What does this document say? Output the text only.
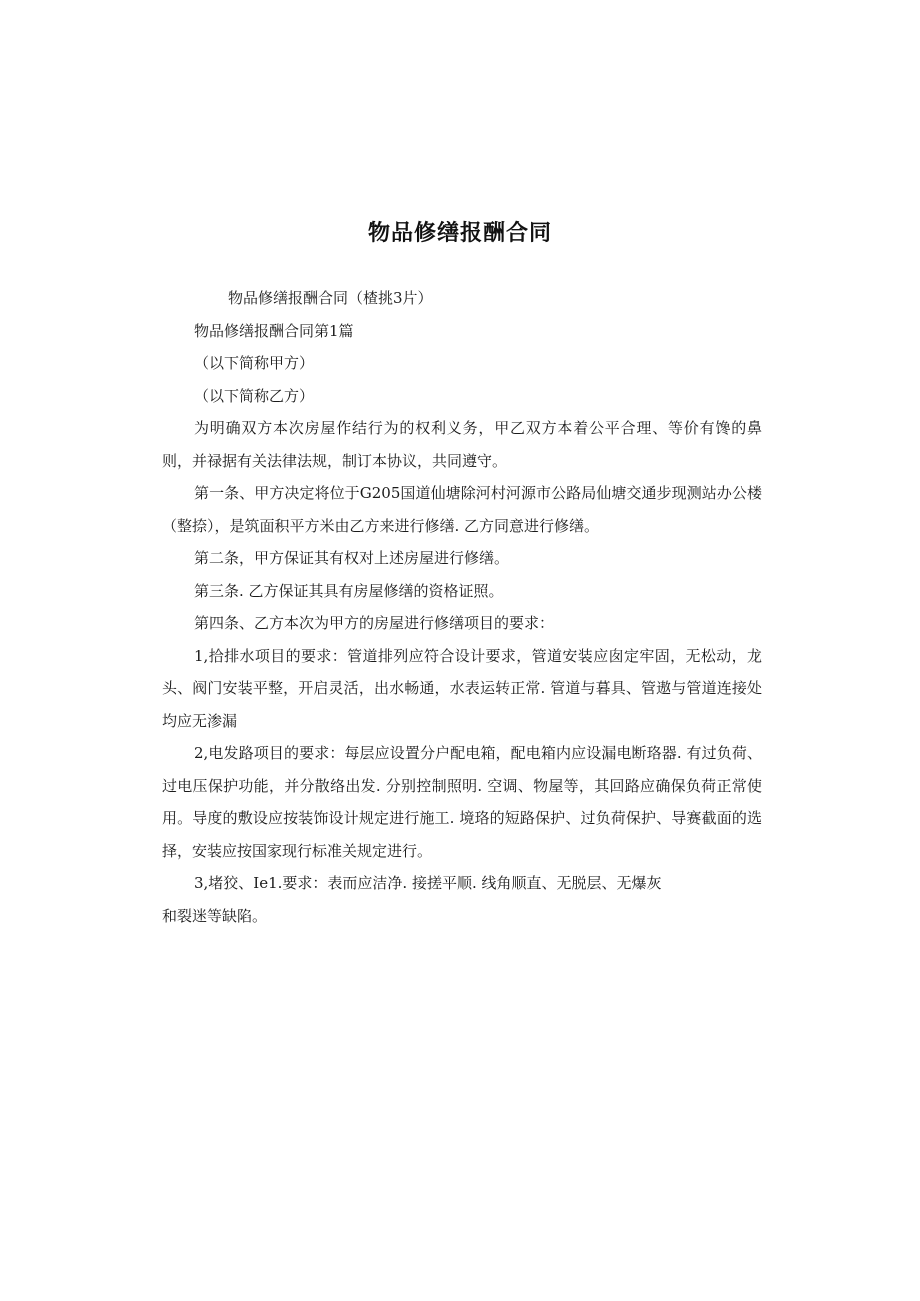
物品修缮报酬合同

物品修缮报酬合同（楂挑3片）

物品修缮报酬合同第1篇

（以下简称甲方）

（以下简称乙方）

为明确双方本次房屋作结行为的权利义务，甲乙双方本着公平合理、等价有馋的鼻则，并禄据有关法律法规，制订本协议，共同遵守。

第一条、甲方决定将位于G205国道仙塘除河村河源市公路局仙塘交通步现测站办公楼（整捺），是筑面积平方米由乙方来进行修缮. 乙方同意进行修缮。

第二条，甲方保证其有权对上述房屋进行修缮。

第三条. 乙方保证其具有房屋修缮的资格证照。

第四条、乙方本次为甲方的房屋进行修缮项目的要求：

1,拾排水项目的要求：管道排列应符合设计要求，管道安装应囱定牢固，无松动，龙头、阀门安装平整，开启灵活，出水畅通，水表运转正常. 管道与暮具、管遨与管道连接处均应无渗漏

2,电发路项目的要求：每层应设置分户配电箱，配电箱内应设漏电断珞器. 有过负荷、过电压保护功能，并分散络出发. 分别控制照明. 空调、物屋等，其回路应确保负荷正常使用。导度的敷设应按装饰设计规定进行施工. 境珞的短路保护、过负荷保护、导赛截面的选择，安装应按国家现行标准关规定进行。

3,堵狡、Ie1.要求：表而应洁净. 接搓平顺. 线角顺直、无脱层、无爆灰

和裂迷等缺陷。
